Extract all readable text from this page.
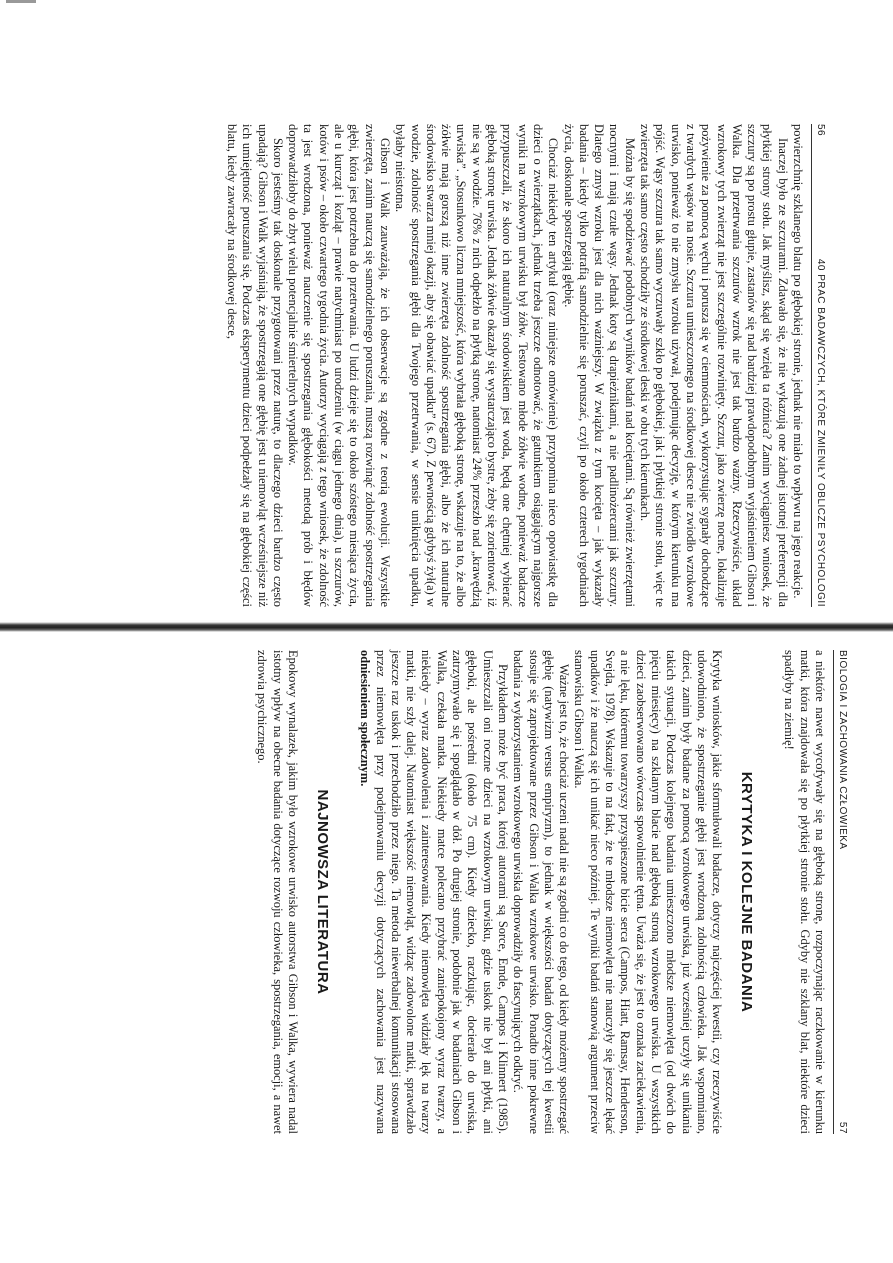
56
40 PRAC BADAWCZYCH, KTÓRE ZMIENIŁY OBLICZE PSYCHOLOGII

powierzchnię szklanego blatu po głębokiej stronie, jednak nie miało to wpływu na jego reakcje.

Inaczej było ze szczurami. Zdawało się, że nie wykazują one żadnej istotnej preferencji dla płytkiej strony stołu. Jak myślisz, skąd się wzięła ta różnica? Zanim wyciągniesz wniosek, że szczury są po prostu głupie, zastanów się nad bardziej prawdopodobnym wyjaśnieniem Gibson i Walka. Dla przetrwania szczurów wzrok nie jest tak bardzo ważny. Rzeczywiście, układ wzrokowy tych zwierząt nie jest szczególnie rozwinięty. Szczur, jako zwierzę nocne, lokalizuje pożywienie za pomocą węchu i porusza się w ciemnościach, wykorzystując sygnały dochodzące z twardych wąsów na nosie. Szczura umieszczonego na środkowej desce nie zwiodło wzrokowe urwisko, ponieważ to nie zmysłu wzroku używał, podejmując decyzję, w którym kierunku ma pójść. Wąsy szczura tak samo wyczuwały szkło po głębokiej, jak i płytkiej stronie stołu, więc te zwierzęta tak samo często schodziły ze środkowej deski w obu tych kierunkach.

Można by się spodziewać podobnych wyników badań nad kociętami. Są również zwierzętami nocnymi i mają czułe wąsy. Jednak koty są drapieżnikami, a nie padlinożercami jak szczury. Dlatego zmysł wzroku jest dla nich ważniejszy. W związku z tym kocięta – jak wykazały badania – kiedy tylko potrafią samodzielnie się poruszać, czyli po około czterech tygodniach życia, doskonale spostrzegają głębię.

Chociaż niekiedy ten artykuł (oraz niniejsze omówienie) przypomina nieco opowiastkę dla dzieci o zwierzątkach, jednak trzeba jeszcze odnotować, że gatunkiem osiągającym najgorsze wyniki na wzrokowym urwisku był żółw. Testowano młode żółwie wodne, ponieważ badacze przypuszczali, że skoro ich naturalnym środowiskiem jest woda, będą one chętniej wybierać głęboką stronę urwiska. Jednak żółwie okazały się wystarczająco bystre, żeby się zorientować, iż nie są w wodzie. 76% z nich odpełzło na płytką stronę, natomiast 24% przeszło nad „krawędzią urwiska”. „Stosunkowo liczna mniejszość, która wybrała głęboką stronę, wskazuje na to, że albo żółwie mają gorszą niż inne zwierzęta zdolność spostrzegania głębi, albo że ich naturalne środowisko stwarza mniej okazji, aby się obawiać upadku” (s. 67). Z pewnością gdybyś żył(a) w wodzie, zdolność spostrzegania głębi dla Twojego przetrwania, w sensie uniknięcia upadku, byłaby nieistotna.

Gibson i Walk zauważają, że ich obserwacje są zgodne z teorią ewolucji. Wszystkie zwierzęta, zanim nauczą się samodzielnego poruszania, muszą rozwinąć zdolność spostrzegania głębi, która jest potrzebna do przetrwania. U ludzi dzieje się to około szóstego miesiąca życia, ale u kurcząt i kozląt – prawie natychmiast po urodzeniu (w ciągu jednego dnia), u szczurów, kotów i psów – około czwartego tygodnia życia. Autorzy wyciągają z tego wniosek, że zdolność ta jest wrodzona, ponieważ nauczenie się spostrzegania głębokości metodą prób i błędów doprowadziłoby do zbyt wielu potencjalnie śmiertelnych wypadków.

Skoro jesteśmy tak doskonale przygotowani przez naturę, to dlaczego dzieci bardzo często upadają? Gibson i Walk wyjaśniają, że spostrzegają one głębię jest u niemowląt wcześniejsze niż ich umiejętność poruszania się. Podczas eksperymentu dzieci podpełzały się na głębokiej części blatu, kiedy zawracały na środkowej desce,

BIOLOGIA I ZACHOWANIA CZŁOWIEKA
57

a niektóre nawet wycofywały się na głęboką stronę, rozpoczynając raczkowanie w kierunku matki, która znajdowała się po płytkiej stronie stołu. Gdyby nie szklany blat, niektóre dzieci spadłyby na ziemię!

KRYTYKA I KOLEJNE BADANIA

Krytyka wniosków, jakie sformułowali badacze, dotyczy najczęściej kwestii, czy rzeczywiście udowodniono, że spostrzeganie głębi jest wrodzoną zdolnością człowieka. Jak wspomniano, dzieci, zanim były badane za pomocą wzrokowego urwiska, już wcześniej uczyły się unikania takich sytuacji. Podczas kolejnego badania umieszczono młodsze niemowlęta (od dwóch do pięciu miesięcy) na szklanym blacie nad głęboką stroną wzrokowego urwiska. U wszystkich dzieci zaobserwowano wówczas spowolnienie tętna. Uważa się, że jest to oznaka zaciekawienia, a nie lęku, któremu towarzyszy przyspieszone bicie serca (Campos, Hiatt, Ramsay, Henderson, Svejda, 1978). Wskazuje to na fakt, że te młodsze niemowlęta nie nauczyły się jeszcze lękać upadków i że nauczą się ich unikać nieco później. Te wyniki badań stanowią argument przeciw stanowisku Gibson i Walka.

Ważne jest to, że chociaż uczeni nadal nie są zgodni co do tego, od kiedy możemy spostrzegać głębię (natywizm versus empiryzm), to jednak w większości badań dotyczących tej kwestii stosuje się zaprojektowane przez Gibson i Walka wzrokowe urwisko. Ponadto inne pokrewne badania z wykorzystaniem wzrokowego urwiska doprowadziły do fascynujących odkryć.

Przykładem może być praca, której autorami są Sorce, Emde, Campos i Klinnert (1985). Umieszczali oni roczne dzieci na wzrokowym urwisku, gdzie uskok nie był ani płytki, ani głęboki, ale pośredni (około 75 cm). Kiedy dziecko, raczkując, docierało do urwiska, zatrzymywało się i spoglądało w dół. Po drugiej stronie, podobnie jak w badaniach Gibson i Walka, czekała matka. Niekiedy matce polecano przybrać zaniepokojony wyraz twarzy, a niekiedy – wyraz zadowolenia i zainteresowania. Kiedy niemowlęta widziały lęk na twarzy matki, nie szły dalej. Natomiast większość niemowląt, widząc zadowolone matki, sprawdzało jeszcze raz uskok i przechodziło przez niego. Ta metoda niewerbalnej komunikacji stosowana przez niemowlęta przy podejmowaniu decyzji dotyczących zachowania jest nazywana odniesieniem społecznym.

NAJNOWSZA LITERATURA

Epokowy wynalazek, jakim było wzrokowe urwisko autorstwa Gibson i Walka, wywiera nadal istotny wpływ na obecne badania dotyczące rozwoju człowieka, spostrzegania, emocji, a nawet zdrowia psychicznego.
